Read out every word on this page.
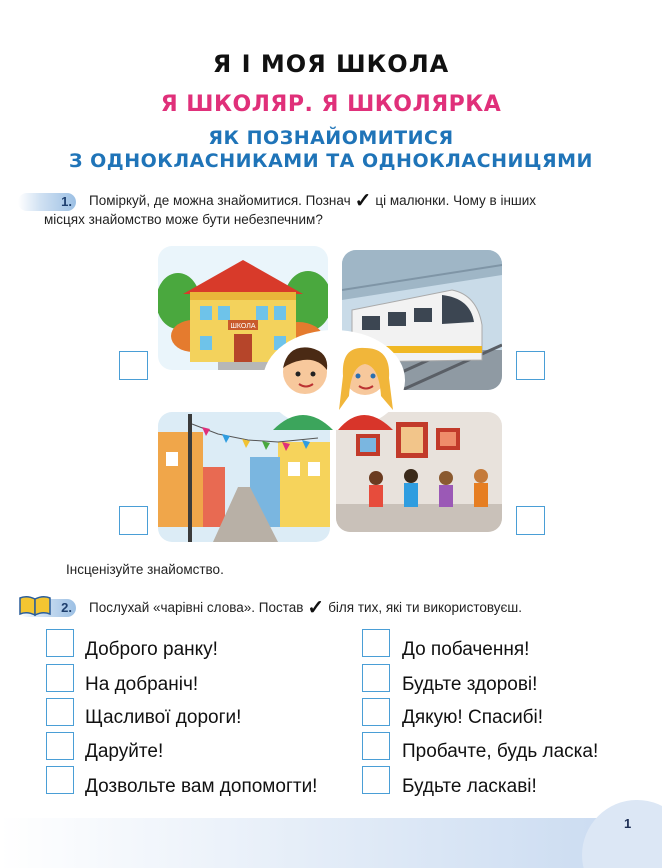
Я І МОЯ ШКОЛА
Я ШКОЛЯР. Я ШКОЛЯРКА
ЯК ПОЗНАЙОМИТИСЯ
З ОДНОКЛАСНИКАМИ ТА ОДНОКЛАСНИЦЯМИ
1. Поміркуй, де можна знайомитися. Познач ✓ ці малюнки. Чому в інших
місцях знайомство може бути небезпечним?
ШКОЛА
Інсценізуйте знайомство.
2. Послухай «чарівні слова». Постав ✓ біля тих, які ти використовуєш.
Доброго ранку!
На добраніч!
Щасливої дороги!
Даруйте!
Дозвольте вам допомогти!
До побачення!
Будьте здорові!
Дякую! Спасибі!
Пробачте, будь ласка!
Будьте ласкаві!
1
